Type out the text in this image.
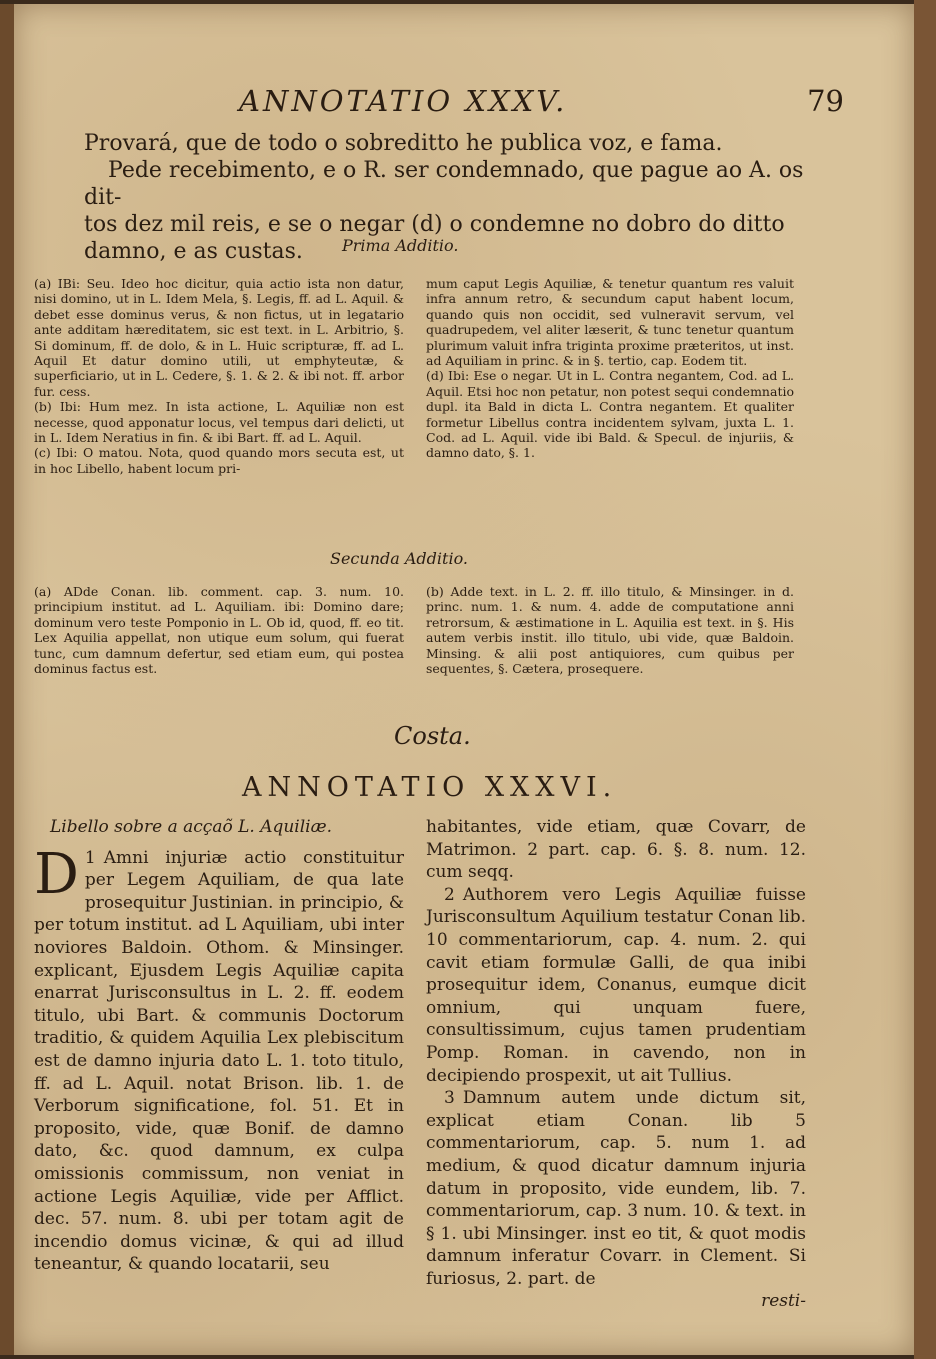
ANNOTATIO XXXV.	79

Provará, que de todo o sobreditto he publica voz, e fama.

Pede recebimento, e o R. ser condemnado, que pague ao A. os dit-

tos dez mil reis, e se o negar (d) o condemne no dobro do ditto

damno, e as custas.	Prima Additio.

(a) IBi: Seu. Ideo hoc dicitur, quia actio ista non datur, nisi domino, ut in L. Idem Mela, §. Legis, ff. ad L. Aquil. & debet esse dominus verus, & non fictus, ut in legatario ante additam hæreditatem, sic est text. in L. Arbitrio, §. Si dominum, ff. de dolo, & in L. Huic scripturæ, ff. ad L. Aquil Et datur domino utili, ut emphyteutæ, & superficiario, ut in L. Cedere, §. 1. & 2. & ibi not. ff. arbor fur. cess.

(b) Ibi: Hum mez. In ista actione, L. Aquiliæ non est necesse, quod apponatur locus, vel tempus dari delicti, ut in L. Idem Neratius in fin. & ibi Bart. ff. ad L. Aquil.

(c) Ibi: O matou. Nota, quod quando mors secuta est, ut in hoc Libello, habent locum pri-

mum caput Legis Aquiliæ, & tenetur quantum res valuit infra annum retro, & secundum caput habent locum, quando quis non occidit, sed vulneravit servum, vel quadrupedem, vel aliter læserit, & tunc tenetur quantum plurimum valuit infra triginta proxime præteritos, ut inst. ad Aquiliam in princ. & in §. tertio, cap. Eodem tit.

(d) Ibi: Ese o negar. Ut in L. Contra negantem, Cod. ad L. Aquil. Etsi hoc non petatur, non potest sequi condemnatio dupl. ita Bald in dicta L. Contra negantem. Et qualiter formetur Libellus contra incidentem sylvam, juxta L. 1. Cod. ad L. Aquil. vide ibi Bald. & Specul. de injuriis, & damno dato, §. 1.

Secunda Additio.

(a) ADde Conan. lib. comment. cap. 3. num. 10. principium institut. ad L. Aquiliam. ibi: Domino dare; dominum vero teste Pomponio in L. Ob id, quod, ff. eo tit. Lex Aquilia appellat, non utique eum solum, qui fuerat tunc, cum damnum defertur, sed etiam eum, qui postea dominus factus est.

(b) Adde text. in L. 2. ff. illo titulo, & Minsinger. in d. princ. num. 1. & num. 4. adde de computatione anni retrorsum, & æstimatione in L. Aquilia est text. in §. His autem verbis instit. illo titulo, ubi vide, quæ Baldoin. Minsing. & alii post antiquiores, cum quibus per sequentes, §. Cætera, prosequere.

Costa.
ANNOTATIO XXXVI.

Libello sobre a acçaõ L. Aquiliæ.

1
D Amni injuriæ actio constituitur per Legem Aquiliam, de qua late prosequitur Justinian. in principio, & per totum institut. ad L Aquiliam, ubi inter noviores Baldoin. Othom. & Minsinger. explicant, Ejusdem Legis Aquiliæ capita enarrat Jurisconsultus in L. 2. ff. eodem titulo, ubi Bart. & communis Doctorum traditio, & quidem Aquilia Lex plebiscitum est de damno injuria dato L. 1. toto titulo, ff. ad L. Aquil. notat Brison. lib. 1. de Verborum significatione, fol. 51. Et in proposito, vide, quæ Bonif. de damno dato, &c. quod damnum, ex culpa omissionis commissum, non veniat in actione Legis Aquiliæ, vide per Afflict. dec. 57. num. 8. ubi per totam agit de incendio domus vicinæ, & qui ad illud teneantur, & quando locatarii, seu

habitantes, vide etiam, quæ Covarr, de Matrimon. 2 part. cap. 6. §. 8. num. 12. cum seqq.

2 Authorem vero Legis Aquiliæ fuisse Jurisconsultum Aquilium testatur Conan lib. 10 commentariorum, cap. 4. num. 2. qui cavit etiam formulæ Galli, de qua inibi prosequitur idem, Conanus, eumque dicit omnium, qui unquam fuere, consultissimum, cujus tamen prudentiam Pomp. Roman. in cavendo, non in decipiendo prospexit, ut ait Tullius.

3 Damnum autem unde dictum sit, explicat etiam Conan. lib 5 commentariorum, cap. 5. num 1. ad medium, & quod dicatur damnum injuria datum in proposito, vide eundem, lib. 7. commentariorum, cap. 3 num. 10. & text. in § 1. ubi Minsinger. inst eo tit, & quot modis damnum inferatur Covarr. in Clement. Si furiosus, 2. part. de

resti-
